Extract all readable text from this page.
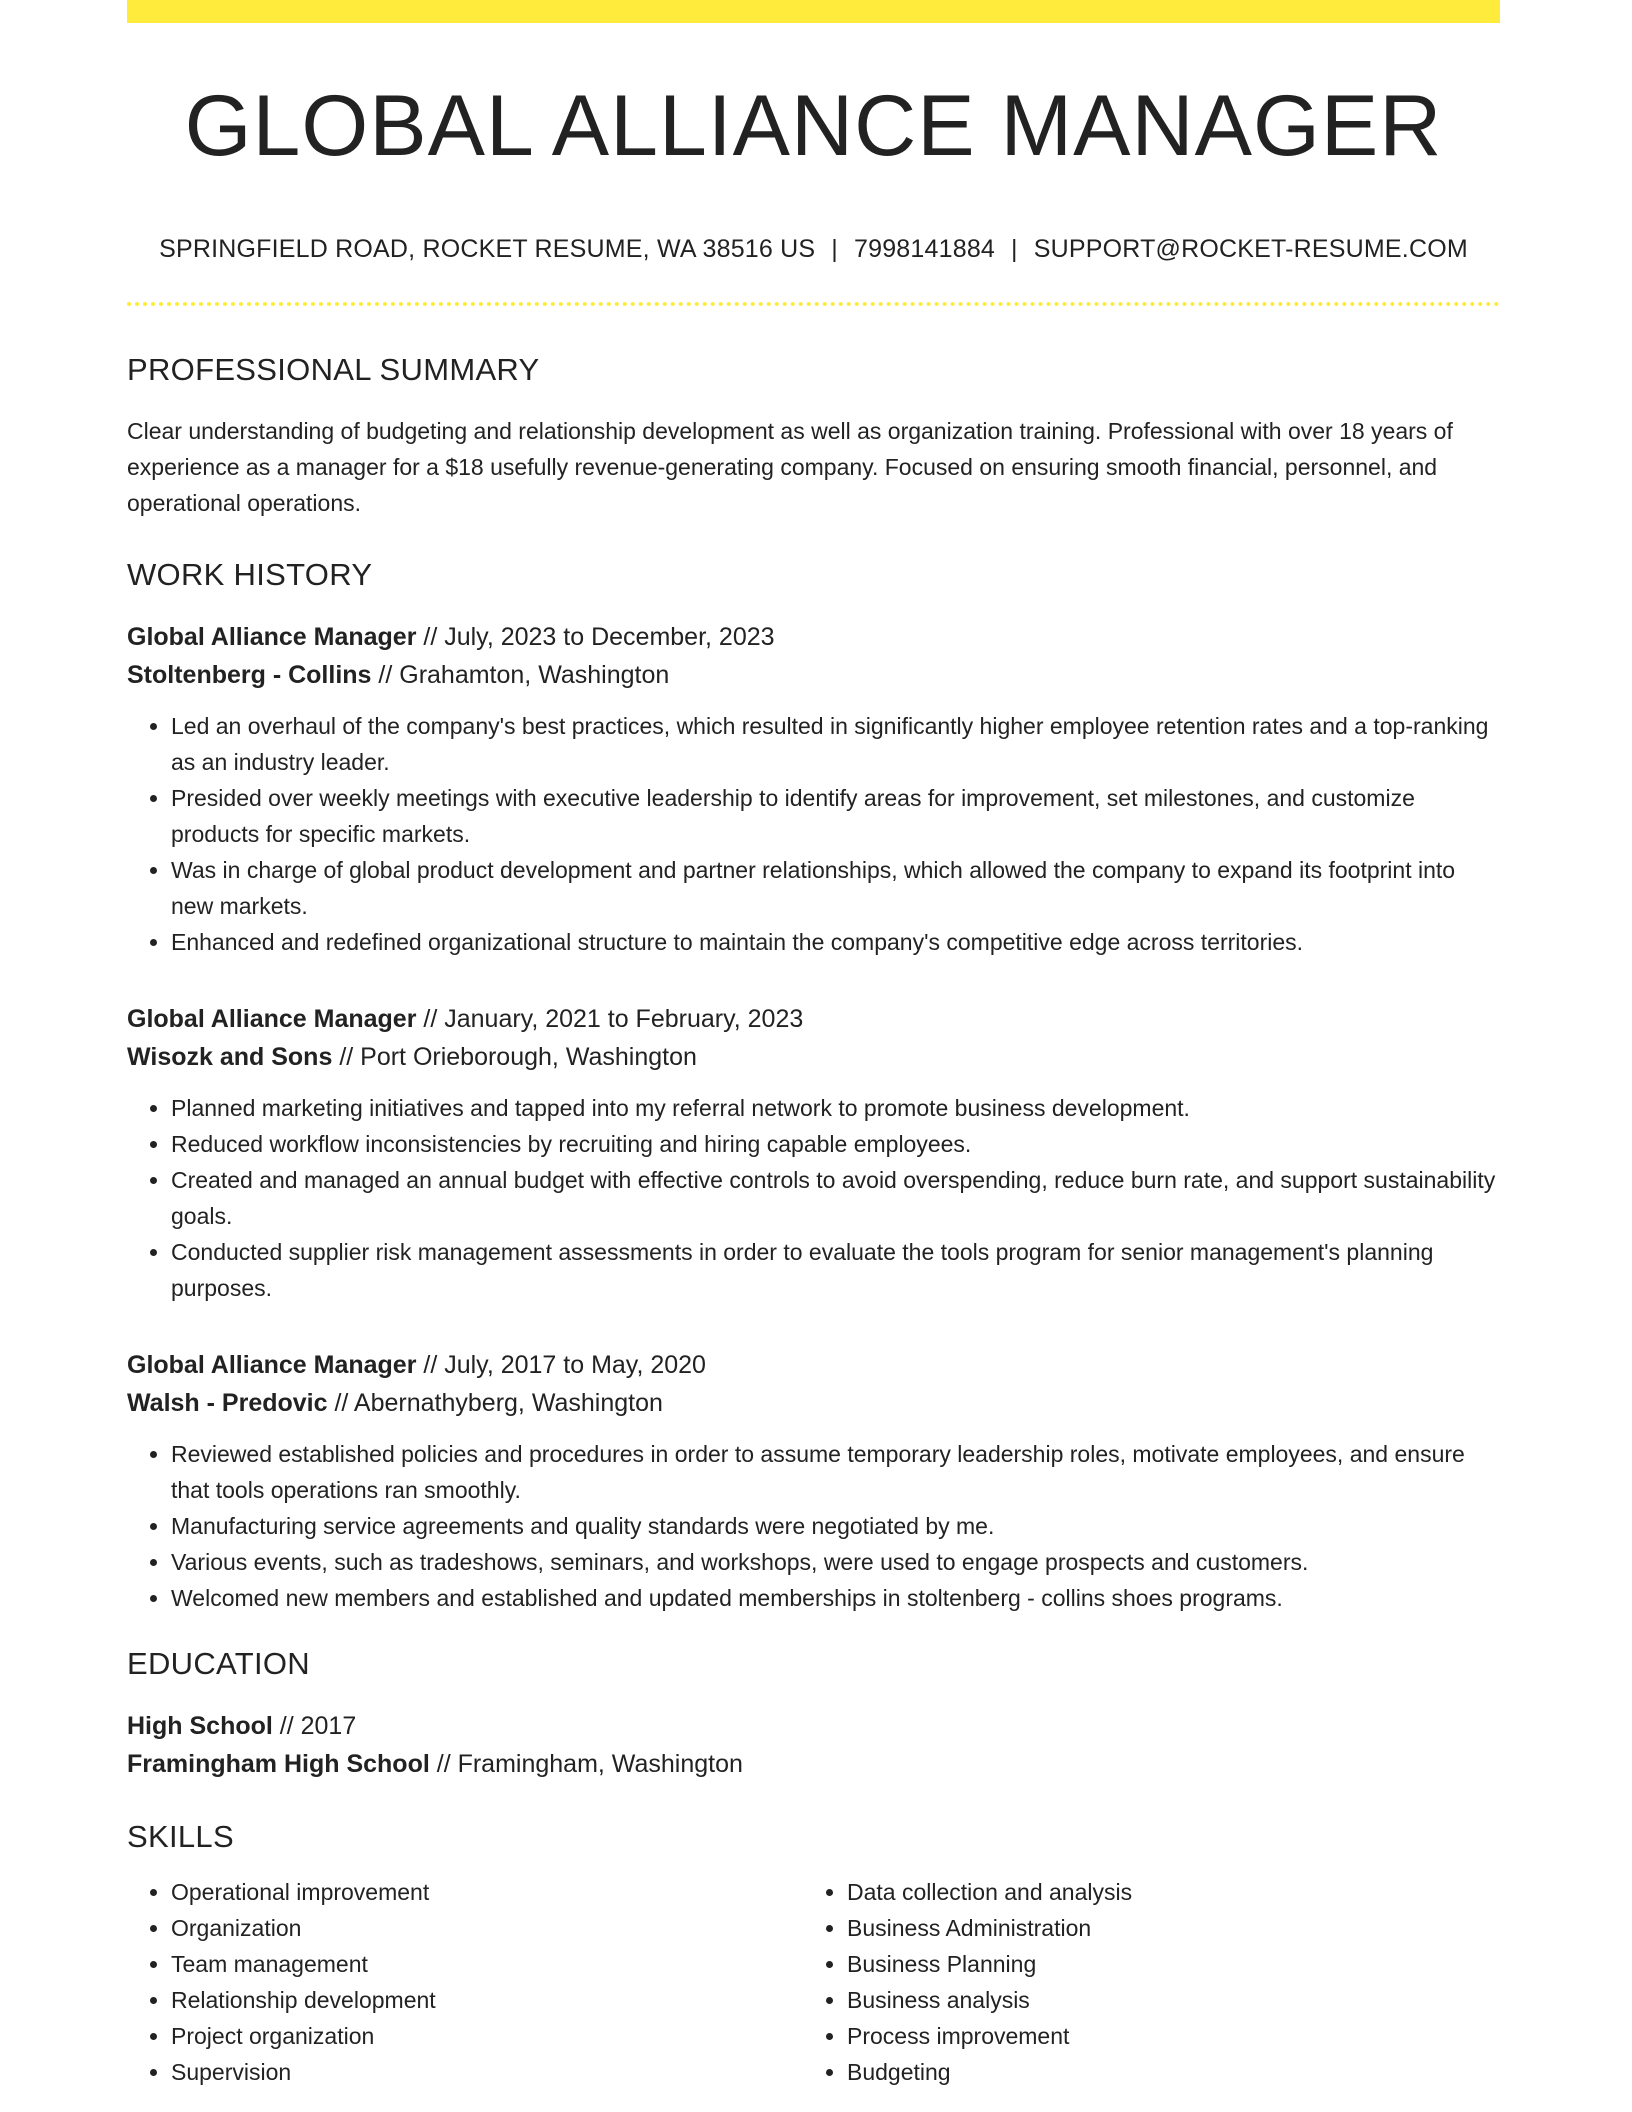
GLOBAL ALLIANCE MANAGER
SPRINGFIELD ROAD, ROCKET RESUME, WA 38516 US | 7998141884 | SUPPORT@ROCKET-RESUME.COM
PROFESSIONAL SUMMARY
Clear understanding of budgeting and relationship development as well as organization training. Professional with over 18 years of experience as a manager for a $18 usefully revenue-generating company. Focused on ensuring smooth financial, personnel, and operational operations.
WORK HISTORY
Global Alliance Manager // July, 2023 to December, 2023
Stoltenberg - Collins // Grahamton, Washington
• Led an overhaul of the company's best practices, which resulted in significantly higher employee retention rates and a top-ranking as an industry leader.
• Presided over weekly meetings with executive leadership to identify areas for improvement, set milestones, and customize products for specific markets.
• Was in charge of global product development and partner relationships, which allowed the company to expand its footprint into new markets.
• Enhanced and redefined organizational structure to maintain the company's competitive edge across territories.
Global Alliance Manager // January, 2021 to February, 2023
Wisozk and Sons // Port Orieborough, Washington
• Planned marketing initiatives and tapped into my referral network to promote business development.
• Reduced workflow inconsistencies by recruiting and hiring capable employees.
• Created and managed an annual budget with effective controls to avoid overspending, reduce burn rate, and support sustainability goals.
• Conducted supplier risk management assessments in order to evaluate the tools program for senior management's planning purposes.
Global Alliance Manager // July, 2017 to May, 2020
Walsh - Predovic // Abernathyberg, Washington
• Reviewed established policies and procedures in order to assume temporary leadership roles, motivate employees, and ensure that tools operations ran smoothly.
• Manufacturing service agreements and quality standards were negotiated by me.
• Various events, such as tradeshows, seminars, and workshops, were used to engage prospects and customers.
• Welcomed new members and established and updated memberships in stoltenberg - collins shoes programs.
EDUCATION
High School // 2017
Framingham High School // Framingham, Washington
SKILLS
• Operational improvement
• Organization
• Team management
• Relationship development
• Project organization
• Supervision
• Data collection and analysis
• Business Administration
• Business Planning
• Business analysis
• Process improvement
• Budgeting
